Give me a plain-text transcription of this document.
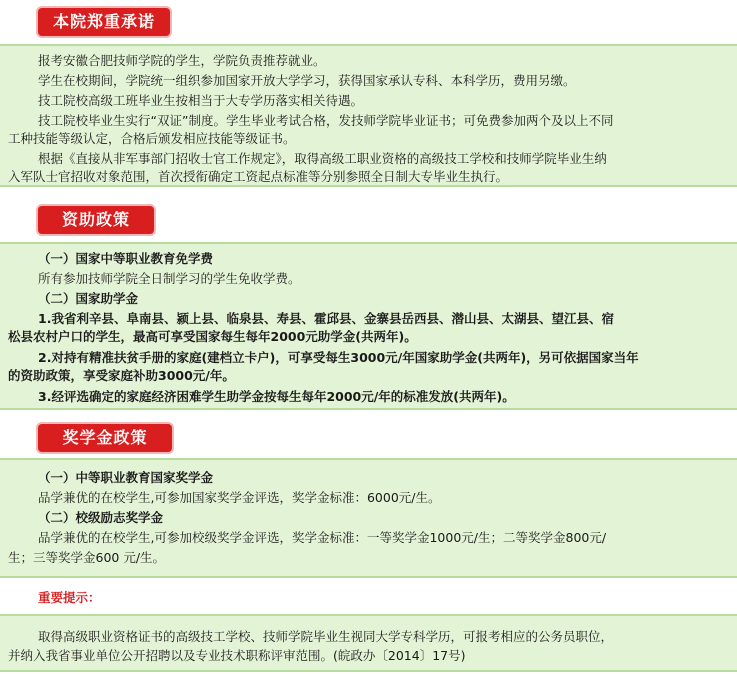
本院郑重承诺
报考安徽合肥技师学院的学生，学院负责推荐就业。
学生在校期间，学院统一组织参加国家开放大学学习，获得国家承认专科、本科学历，费用另缴。
技工院校高级工班毕业生按相当于大专学历落实相关待遇。
技工院校毕业生实行“双证”制度。学生毕业考试合格，发技师学院毕业证书；可免费参加两个及以上不同
工种技能等级认定，合格后颁发相应技能等级证书。
根据《直接从非军事部门招收士官工作规定》，取得高级工职业资格的高级技工学校和技师学院毕业生纳
入军队士官招收对象范围，首次授衔确定工资起点标准等分别参照全日制大专毕业生执行。
资助政策
（一）国家中等职业教育免学费
所有参加技师学院全日制学习的学生免收学费。
（二）国家助学金
1.我省利辛县、阜南县、颍上县、临泉县、寿县、霍邱县、金寨县岳西县、潜山县、太湖县、望江县、宿
松县农村户口的学生，最高可享受国家每生每年2000元助学金(共两年)。
2.对持有精准扶贫手册的家庭(建档立卡户)，可享受每生3000元/年国家助学金(共两年)，另可依据国家当年
的资助政策，享受家庭补助3000元/年。
3.经评选确定的家庭经济困难学生助学金按每生每年2000元/年的标准发放(共两年)。
奖学金政策
（一）中等职业教育国家奖学金
品学兼优的在校学生,可参加国家奖学金评选，奖学金标准：6000元/生。
（二）校级励志奖学金
品学兼优的在校学生,可参加校级奖学金评选，奖学金标准：一等奖学金1000元/生；二等奖学金800元/
生；三等奖学金600 元/生。
重要提示：
取得高级职业资格证书的高级技工学校、技师学院毕业生视同大学专科学历，可报考相应的公务员职位，
并纳入我省事业单位公开招聘以及专业技术职称评审范围。(皖政办〔2014〕17号)
